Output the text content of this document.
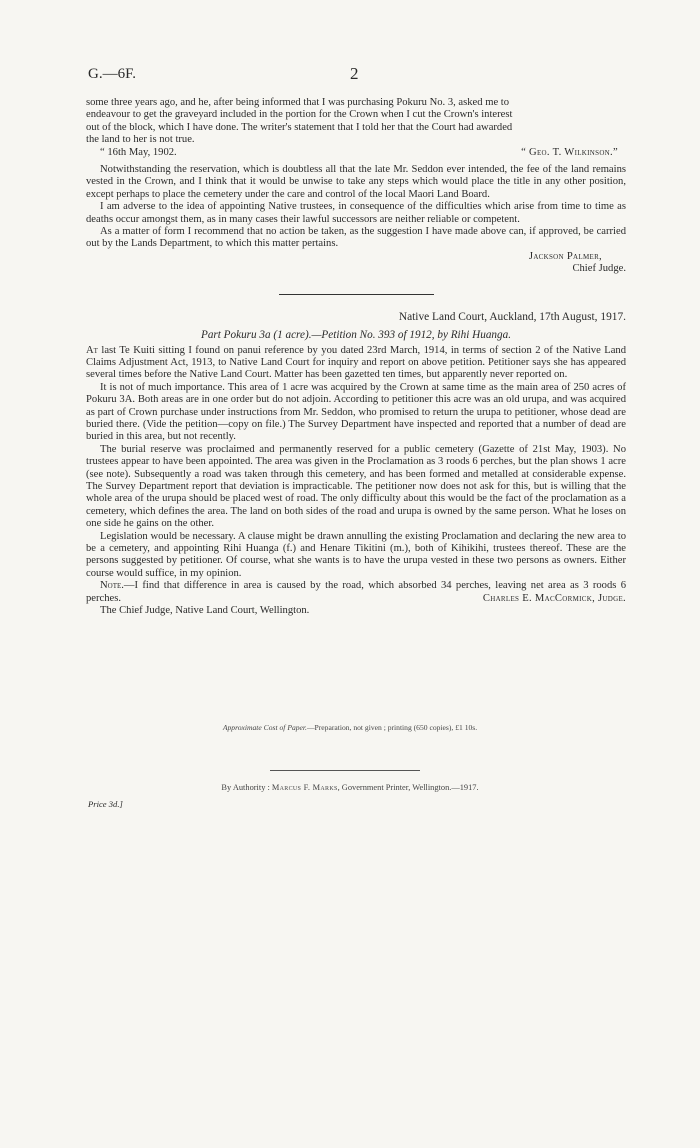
G.—6F.	2

some three years ago, and he, after being informed that I was purchasing Pokuru No. 3, asked me to

endeavour to get the graveyard included in the portion for the Crown when I cut the Crown's interest

out of the block, which I have done. The writer's statement that I told her that the Court had awarded

the land to her is not true.

“ 16th May, 1902.	“ Geo. T. Wilkinson.”

Notwithstanding the reservation, which is doubtless all that the late Mr. Seddon ever intended, the fee of the land remains vested in the Crown, and I think that it would be unwise to take any steps which would place the title in any other position, except perhaps to place the cemetery under the care and control of the local Maori Land Board.

I am adverse to the idea of appointing Native trustees, in consequence of the difficulties which arise from time to time as deaths occur amongst them, as in many cases their lawful successors are neither reliable or competent.

As a matter of form I recommend that no action be taken, as the suggestion I have made above can, if approved, be carried out by the Lands Department, to which this matter pertains.

Jackson Palmer,
Chief Judge.
Native Land Court, Auckland, 17th August, 1917.
Part Pokuru 3a (1 acre).—Petition No. 393 of 1912, by Rihi Huanga.

At last Te Kuiti sitting I found on panui reference by you dated 23rd March, 1914, in terms of section 2 of the Native Land Claims Adjustment Act, 1913, to Native Land Court for inquiry and report on above petition. Petitioner says she has appeared several times before the Native Land Court. Matter has been gazetted ten times, but apparently never reported on.

It is not of much importance. This area of 1 acre was acquired by the Crown at same time as the main area of 250 acres of Pokuru 3A. Both areas are in one order but do not adjoin. According to petitioner this acre was an old urupa, and was acquired as part of Crown purchase under instructions from Mr. Seddon, who promised to return the urupa to petitioner, whose dead are buried there. (Vide the petition—copy on file.) The Survey Department have inspected and reported that a number of dead are buried in this area, but not recently.

The burial reserve was proclaimed and permanently reserved for a public cemetery (Gazette of 21st May, 1903). No trustees appear to have been appointed. The area was given in the Proclamation as 3 roods 6 perches, but the plan shows 1 acre (see note). Subsequently a road was taken through this cemetery, and has been formed and metalled at considerable expense. The Survey Department report that deviation is impracticable. The petitioner now does not ask for this, but is willing that the whole area of the urupa should be placed west of road. The only difficulty about this would be the fact of the proclamation as a cemetery, which defines the area. The land on both sides of the road and urupa is owned by the same person. What he loses on one side he gains on the other.

Legislation would be necessary. A clause might be drawn annulling the existing Proclamation and declaring the new area to be a cemetery, and appointing Rihi Huanga (f.) and Henare Tikitini (m.), both of Kihikihi, trustees thereof. These are the persons suggested by petitioner. Of course, what she wants is to have the urupa vested in these two persons as owners. Either course would suffice, in my opinion.

Note.—I find that difference in area is caused by the road, which absorbed 34 perches, leaving net area as 3 roods 6 perches.	Charles E. MacCormick, Judge.

The Chief Judge, Native Land Court, Wellington.

Approximate Cost of Paper.—Preparation, not given ; printing (650 copies), £1 10s.
By Authority : Marcus F. Marks, Government Printer, Wellington.—1917.
Price 3d.]
